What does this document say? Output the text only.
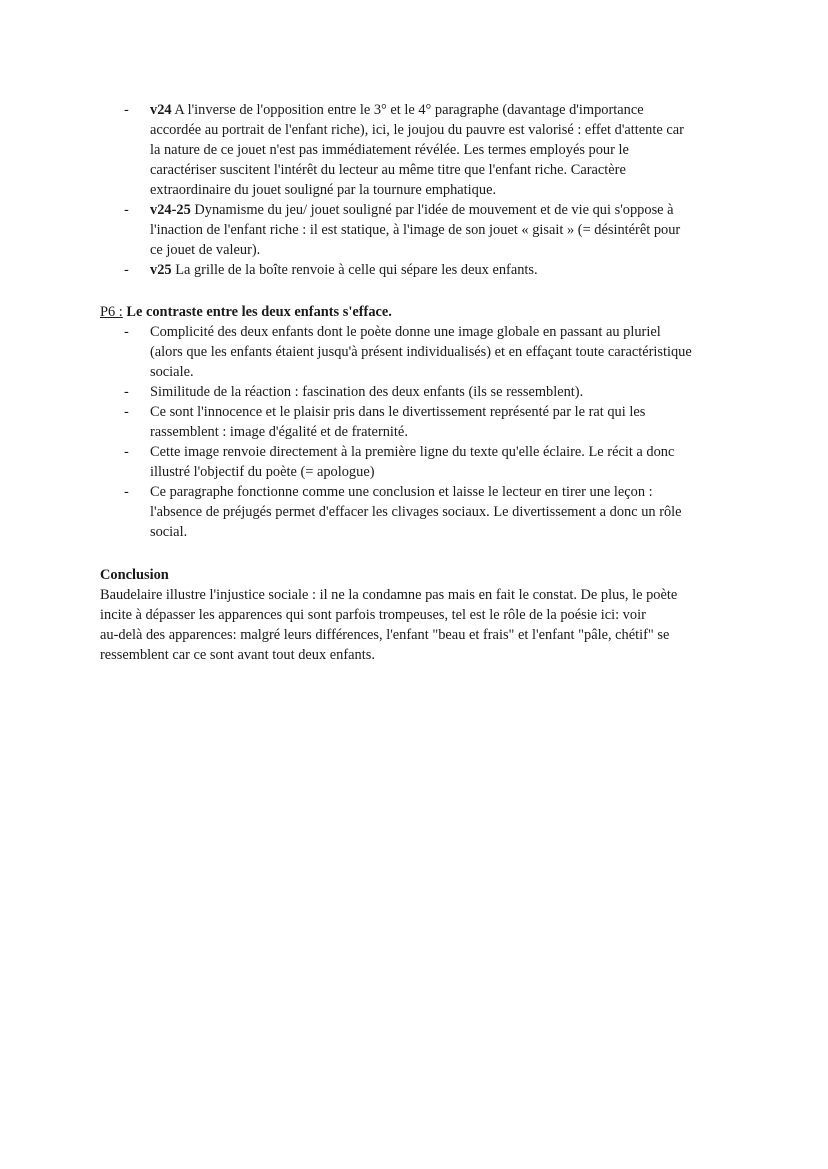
- v24 A l'inverse de l'opposition entre le 3° et le 4° paragraphe (davantage d'importance
accordée au portrait de l'enfant riche), ici, le joujou du pauvre est valorisé : effet d'attente car
la nature de ce jouet n'est pas immédiatement révélée. Les termes employés pour le
caractériser suscitent l'intérêt du lecteur au même titre que l'enfant riche. Caractère
extraordinaire du jouet souligné par la tournure emphatique.
- v24-25 Dynamisme du jeu/ jouet souligné par l'idée de mouvement et de vie qui s'oppose à
l'inaction de l'enfant riche : il est statique, à l'image de son jouet « gisait » (= désintérêt pour
ce jouet de valeur).
- v25 La grille de la boîte renvoie à celle qui sépare les deux enfants.
P6 : Le contraste entre les deux enfants s'efface.
- Complicité des deux enfants dont le poète donne une image globale en passant au pluriel
(alors que les enfants étaient jusqu'à présent individualisés) et en effaçant toute caractéristique
sociale.
- Similitude de la réaction : fascination des deux enfants (ils se ressemblent).
- Ce sont l'innocence et le plaisir pris dans le divertissement représenté par le rat qui les
rassemblent : image d'égalité et de fraternité.
- Cette image renvoie directement à la première ligne du texte qu'elle éclaire. Le récit a donc
illustré l'objectif du poète (= apologue)
- Ce paragraphe fonctionne comme une conclusion et laisse le lecteur en tirer une leçon :
l'absence de préjugés permet d'effacer les clivages sociaux. Le divertissement a donc un rôle
social.
Conclusion
Baudelaire illustre l'injustice sociale : il ne la condamne pas mais en fait le constat. De plus, le poète
incite à dépasser les apparences qui sont parfois trompeuses, tel est le rôle de la poésie ici: voir
au-delà des apparences: malgré leurs différences, l'enfant "beau et frais" et l'enfant "pâle, chétif" se
ressemblent car ce sont avant tout deux enfants.
